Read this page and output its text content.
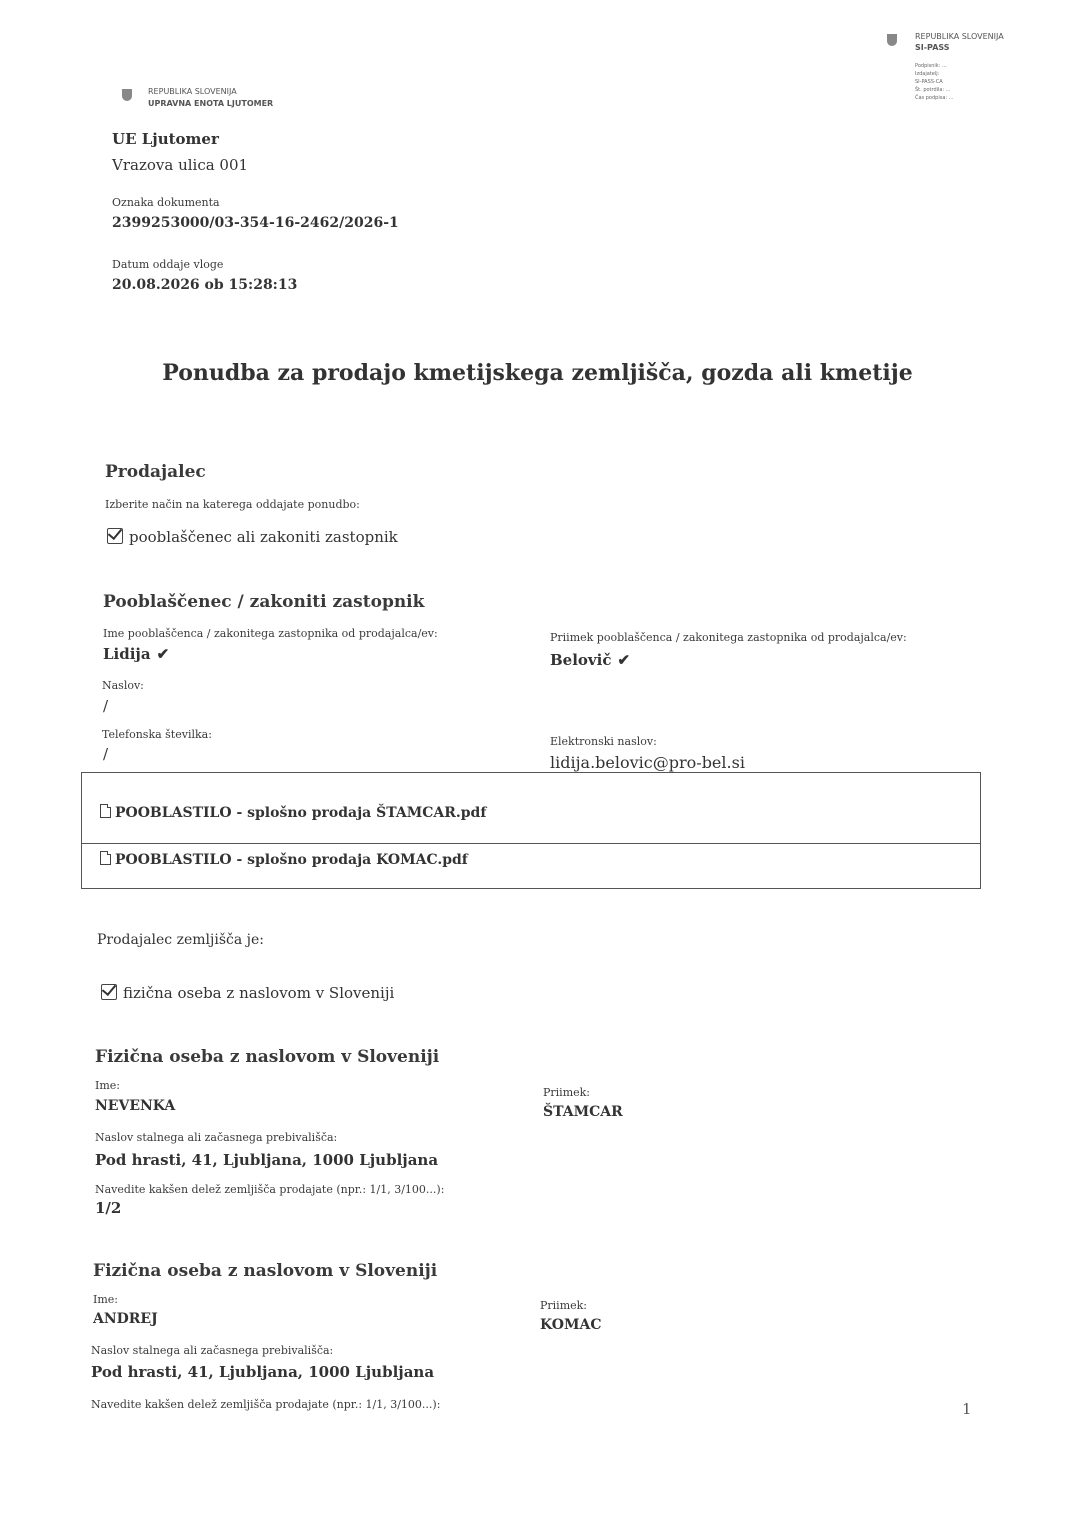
REPUBLIKA SLOVENIJA
UPRAVNA ENOTA LJUTOMER
REPUBLIKA SLOVENIJA
SI-PASS
Podpisnik: ...
Izdajatelj:
SI-PASS-CA
Št. potrdila: ...
Čas podpisa: ...
UE Ljutomer
Vrazova ulica 001
Oznaka dokumenta
2399253000/03-354-16-2462/2026-1
Datum oddaje vloge
20.08.2026 ob 15:28:13
Ponudba za prodajo kmetijskega zemljišča, gozda ali kmetije
Prodajalec
Izberite način na katerega oddajate ponudbo:
pooblaščenec ali zakoniti zastopnik
Pooblaščenec / zakoniti zastopnik
Ime pooblaščenca / zakonitega zastopnika od prodajalca/ev:
Lidija ✔
Priimek pooblaščenca / zakonitega zastopnika od prodajalca/ev:
Belovič ✔
Naslov:
/
Telefonska številka:
/
Elektronski naslov:
lidija.belovic@pro-bel.si
POOBLASTILO - splošno prodaja ŠTAMCAR.pdf
POOBLASTILO - splošno prodaja KOMAC.pdf
Prodajalec zemljišča je:
fizična oseba z naslovom v Sloveniji
Fizična oseba z naslovom v Sloveniji
Ime:
NEVENKA
Priimek:
ŠTAMCAR
Naslov stalnega ali začasnega prebivališča:
Pod hrasti, 41, Ljubljana, 1000 Ljubljana
Navedite kakšen delež zemljišča prodajate (npr.: 1/1, 3/100...):
1/2
Fizična oseba z naslovom v Sloveniji
Ime:
ANDREJ
Priimek:
KOMAC
Naslov stalnega ali začasnega prebivališča:
Pod hrasti, 41, Ljubljana, 1000 Ljubljana
Navedite kakšen delež zemljišča prodajate (npr.: 1/1, 3/100...):	1
